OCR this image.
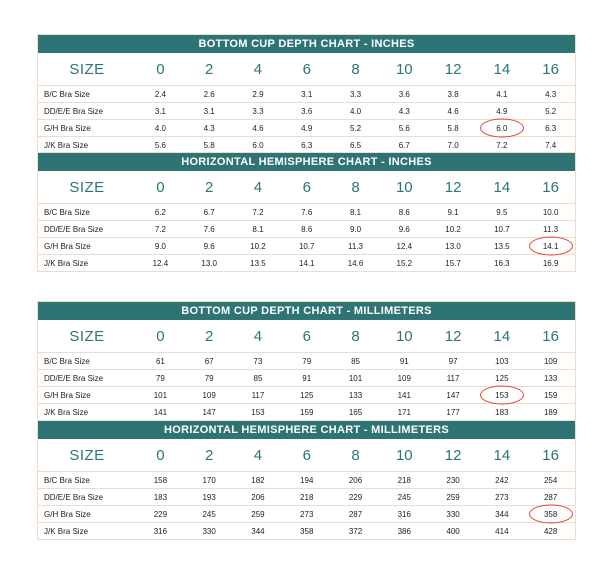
BOTTOM CUP DEPTH CHART - INCHES
SIZE	0	2	4	6	8	10	12	14	16
B/C Bra Size	2.4	2.6	2.9	3.1	3.3	3.6	3.8	4.1	4.3
DD/E/E Bra Size	3.1	3.1	3.3	3.6	4.0	4.3	4.6	4.9	5.2
G/H Bra Size	4.0	4.3	4.6	4.9	5.2	5.6	5.8	6.0	6.3
J/K Bra Size	5.6	5.8	6.0	6.3	6.5	6.7	7.0	7.2	7.4
HORIZONTAL HEMISPHERE CHART - INCHES
SIZE	0	2	4	6	8	10	12	14	16
B/C Bra Size	6.2	6.7	7.2	7.6	8.1	8.6	9.1	9.5	10.0
DD/E/E Bra Size	7.2	7.6	8.1	8.6	9.0	9.6	10.2	10.7	11.3
G/H Bra Size	9.0	9.6	10.2	10.7	11.3	12.4	13.0	13.5	14.1
J/K Bra Size	12.4	13.0	13.5	14.1	14.6	15.2	15.7	16.3	16.9
BOTTOM CUP DEPTH CHART - MILLIMETERS
SIZE	0	2	4	6	8	10	12	14	16
B/C Bra Size	61	67	73	79	85	91	97	103	109
DD/E/E Bra Size	79	79	85	91	101	109	117	125	133
G/H Bra Size	101	109	117	125	133	141	147	153	159
J/K Bra Size	141	147	153	159	165	171	177	183	189
HORIZONTAL HEMISPHERE CHART - MILLIMETERS
SIZE	0	2	4	6	8	10	12	14	16
B/C Bra Size	158	170	182	194	206	218	230	242	254
DD/E/E Bra Size	183	193	206	218	229	245	259	273	287
G/H Bra Size	229	245	259	273	287	316	330	344	358
J/K Bra Size	316	330	344	358	372	386	400	414	428
